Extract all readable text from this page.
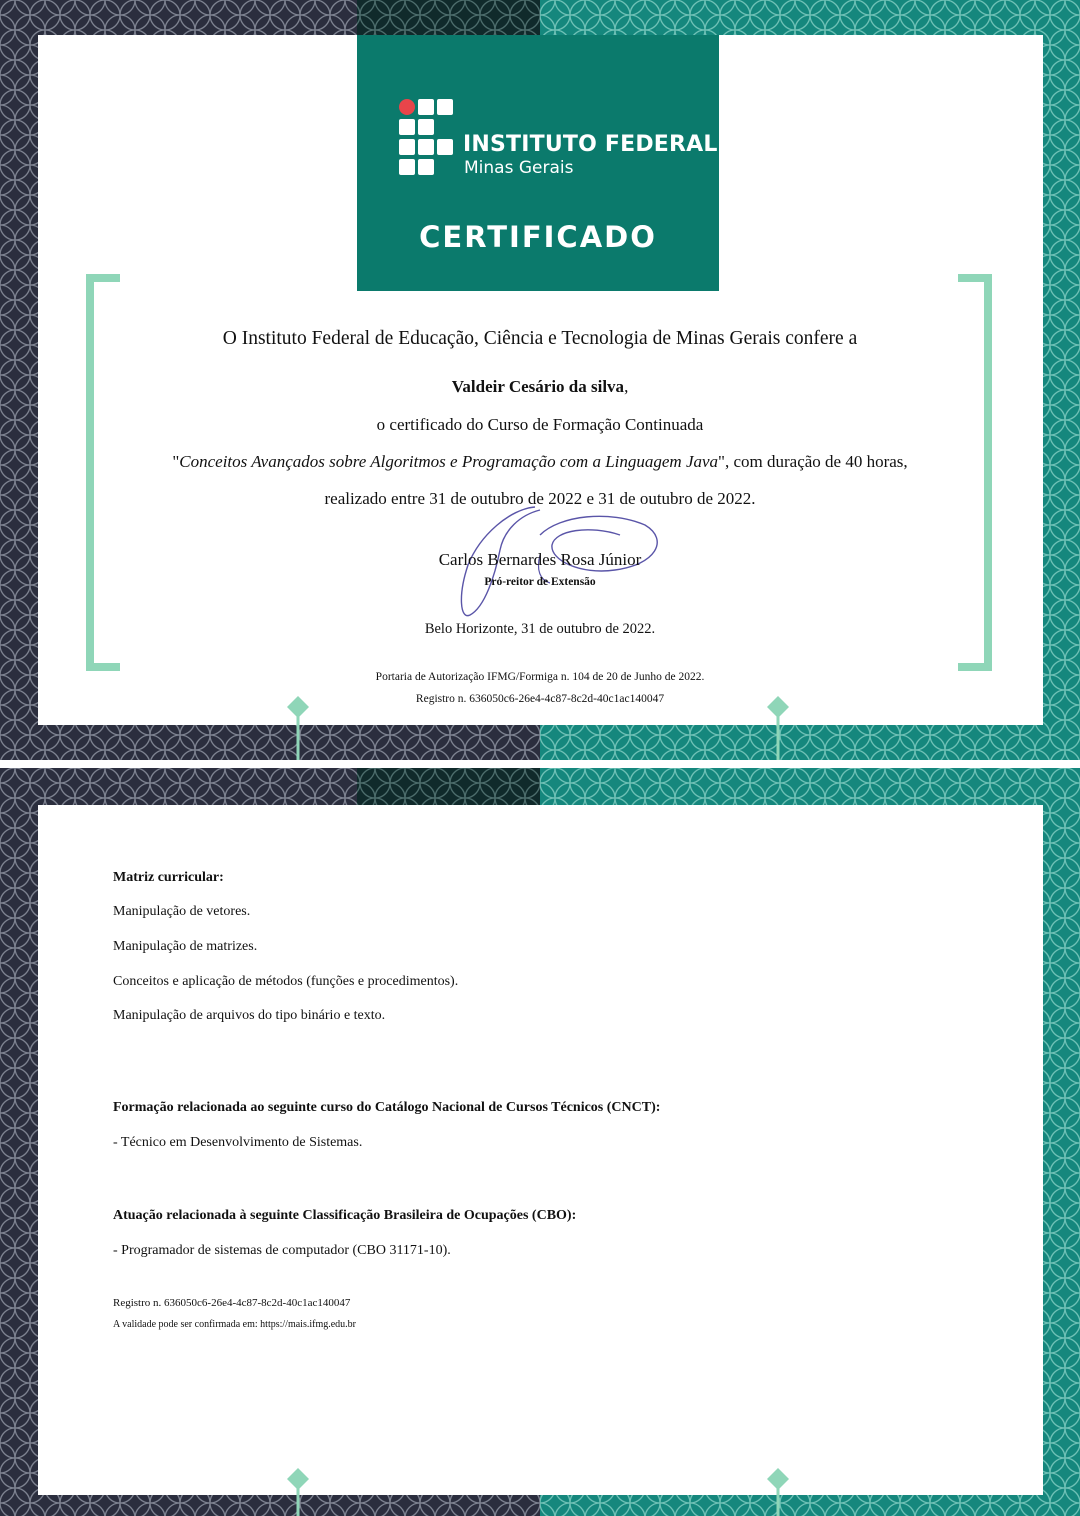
INSTITUTO FEDERAL
Minas Gerais
CERTIFICADO
O Instituto Federal de Educação, Ciência e Tecnologia de Minas Gerais confere a
Valdeir Cesário da silva,
o certificado do Curso de Formação Continuada
"Conceitos Avançados sobre Algoritmos e Programação com a Linguagem Java", com duração de 40 horas,
realizado entre 31 de outubro de 2022 e 31 de outubro de 2022.
Carlos Bernardes Rosa Júnior
Pró-reitor de Extensão
Belo Horizonte, 31 de outubro de 2022.
Portaria de Autorização IFMG/Formiga n. 104 de 20 de Junho de 2022.
Registro n. 636050c6-26e4-4c87-8c2d-40c1ac140047
Matriz curricular:
Manipulação de vetores.
Manipulação de matrizes.
Conceitos e aplicação de métodos (funções e procedimentos).
Manipulação de arquivos do tipo binário e texto.
Formação relacionada ao seguinte curso do Catálogo Nacional de Cursos Técnicos (CNCT):
- Técnico em Desenvolvimento de Sistemas.
Atuação relacionada à seguinte Classificação Brasileira de Ocupações (CBO):
- Programador de sistemas de computador (CBO 31171-10).
Registro n. 636050c6-26e4-4c87-8c2d-40c1ac140047
A validade pode ser confirmada em: https://mais.ifmg.edu.br
